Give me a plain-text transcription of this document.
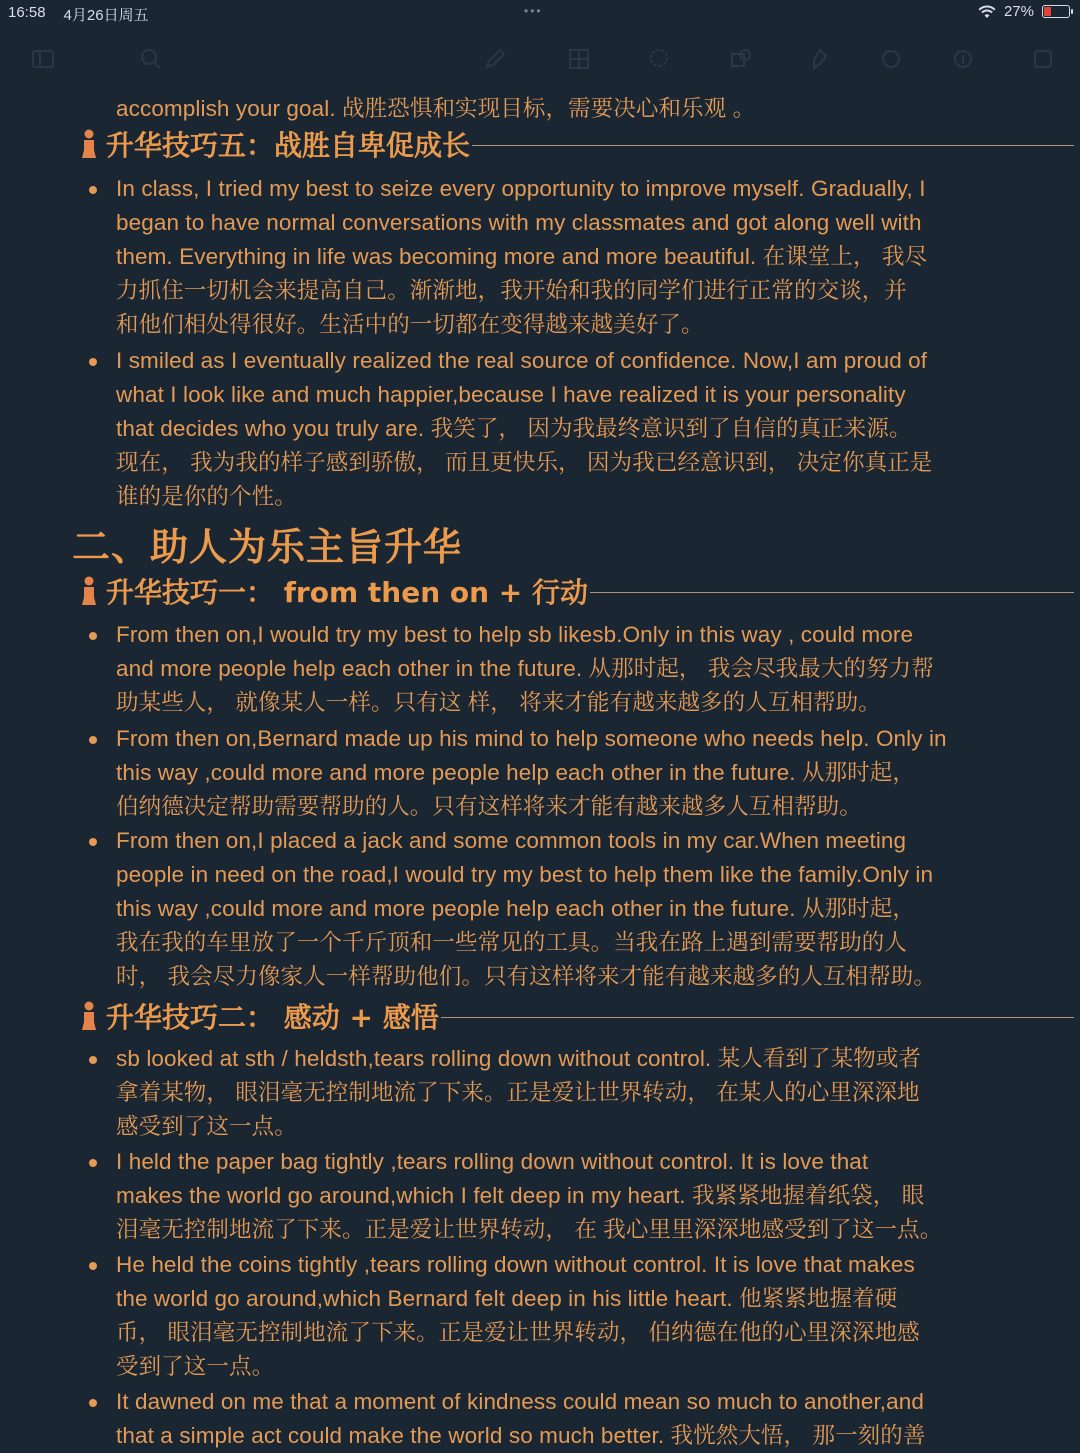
16:58 4月26日周五	•••	27%
accomplish your goal. 战胜恐惧和实现目标，需要决心和乐观 。
升华技巧五：战胜自卑促成长
In class, I tried my best to seize every opportunity to improve myself. Gradually, I
began to have normal conversations with my classmates and got along well with
them. Everything in life was becoming more and more beautiful. 在课堂上， 我尽
力抓住一切机会来提高自己。渐渐地，我开始和我的同学们进行正常的交谈，并
和他们相处得很好。生活中的一切都在变得越来越美好了。
I smiled as I eventually realized the real source of confidence. Now,I am proud of
what I look like and much happier,because I have realized it is your personality
that decides who you truly are. 我笑了， 因为我最终意识到了自信的真正来源。
现在， 我为我的样子感到骄傲， 而且更快乐， 因为我已经意识到， 决定你真正是
谁的是你的个性。
二、助人为乐主旨升华
升华技巧一： from then on + 行动
From then on,I would try my best to help sb likesb.Only in this way , could more
and more people help each other in the future. 从那时起， 我会尽我最大的努力帮
助某些人， 就像某人一样。只有这 样， 将来才能有越来越多的人互相帮助。
From then on,Bernard made up his mind to help someone who needs help. Only in
this way ,could more and more people help each other in the future. 从那时起，
伯纳德决定帮助需要帮助的人。只有这样将来才能有越来越多人互相帮助。
From then on,I placed a jack and some common tools in my car.When meeting
people in need on the road,I would try my best to help them like the family.Only in
this way ,could more and more people help each other in the future. 从那时起，
我在我的车里放了一个千斤顶和一些常见的工具。当我在路上遇到需要帮助的人
时， 我会尽力像家人一样帮助他们。只有这样将来才能有越来越多的人互相帮助。
升华技巧二： 感动 + 感悟
sb looked at sth / heldsth,tears rolling down without control. 某人看到了某物或者
拿着某物， 眼泪毫无控制地流了下来。正是爱让世界转动， 在某人的心里深深地
感受到了这一点。
I held the paper bag tightly ,tears rolling down without control. It is love that
makes the world go around,which I felt deep in my heart. 我紧紧地握着纸袋， 眼
泪毫无控制地流了下来。正是爱让世界转动， 在 我心里里深深地感受到了这一点。
He held the coins tightly ,tears rolling down without control. It is love that makes
the world go around,which Bernard felt deep in his little heart. 他紧紧地握着硬
币， 眼泪毫无控制地流了下来。正是爱让世界转动， 伯纳德在他的心里深深地感
受到了这一点。
It dawned on me that a moment of kindness could mean so much to another,and
that a simple act could make the world so much better. 我恍然大悟， 那一刻的善
